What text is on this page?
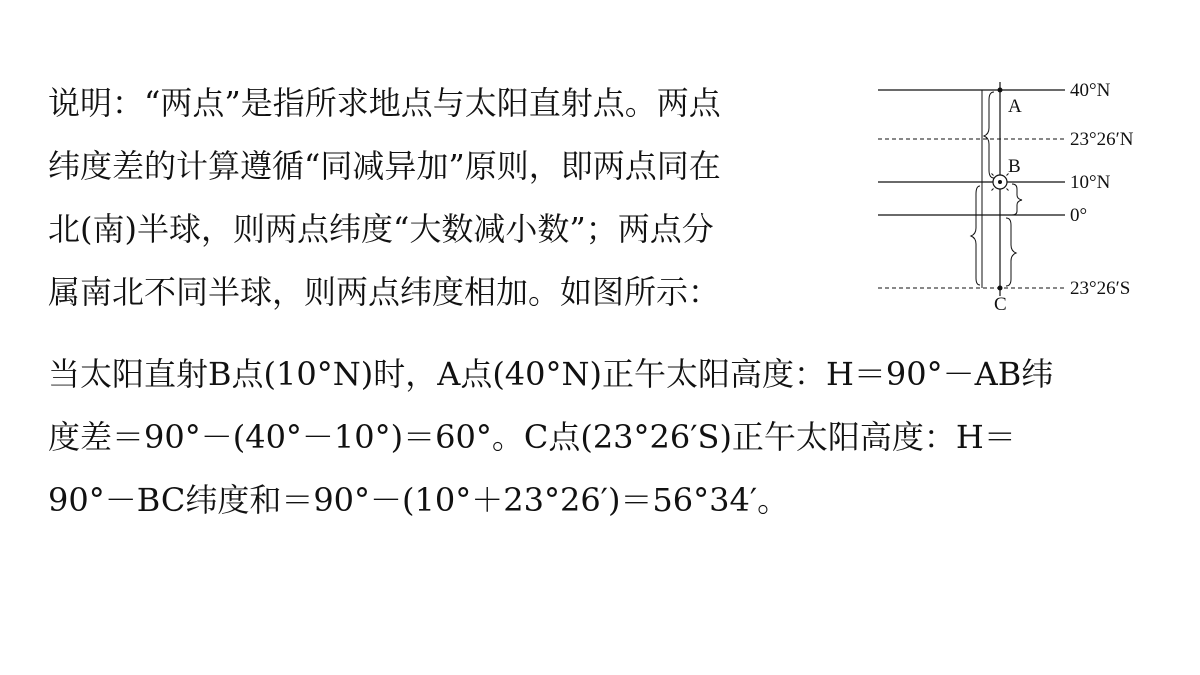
说明：“两点”是指所求地点与太阳直射点。两点
纬度差的计算遵循“同减异加”原则，即两点同在
北(南)半球，则两点纬度“大数减小数”；两点分
属南北不同半球，则两点纬度相加。如图所示：
A
B
C
40°N
23°26′N
10°N
0°
23°26′S
当太阳直射B点(10°N)时，A点(40°N)正午太阳高度：H＝90°－AB纬
度差＝90°－(40°－10°)＝60°。C点(23°26′S)正午太阳高度：H＝
90°－BC纬度和＝90°－(10°＋23°26′)＝56°34′。
